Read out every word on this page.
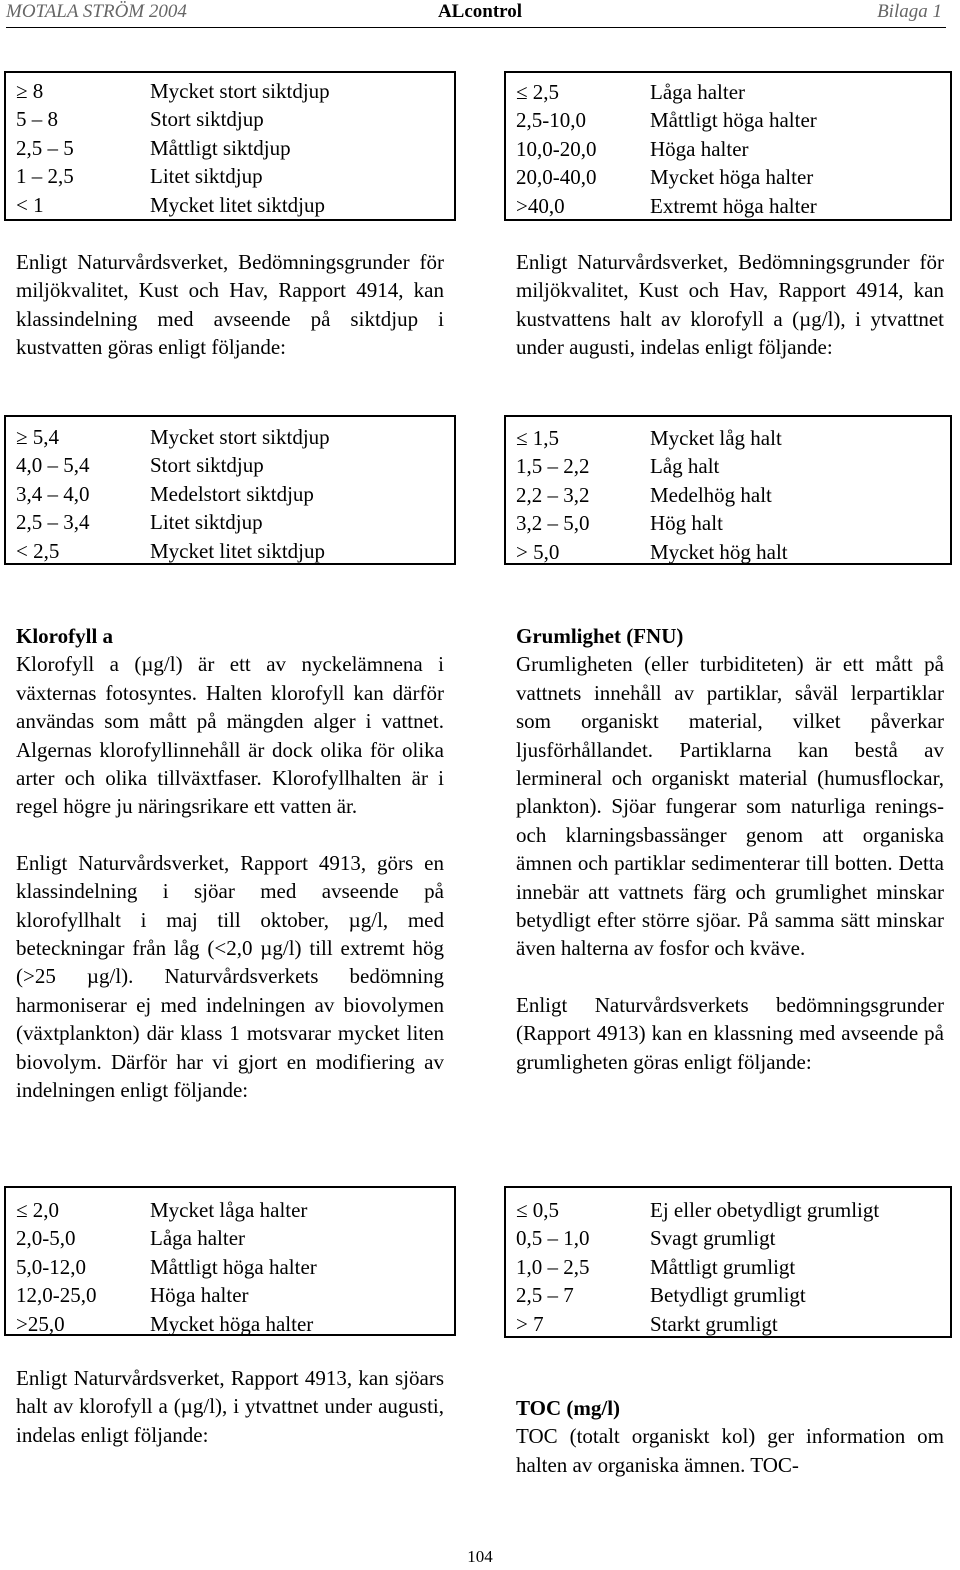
ALcontrol
MOTALA STRÖM 2004	Bilaga 1
≥ 8	Mycket stort siktdjup
5 – 8	Stort siktdjup
2,5 – 5	Måttligt siktdjup
1 – 2,5	Litet siktdjup
< 1	Mycket litet siktdjup

Enligt Naturvårdsverket, Bedömningsgrunder för miljökvalitet, Kust och Hav, Rapport 4914, kan klassindelning med avseende på siktdjup i kustvatten göras enligt följande:

≥ 5,4	Mycket stort siktdjup
4,0 – 5,4	Stort siktdjup
3,4 – 4,0	Medelstort siktdjup
2,5 – 3,4	Litet siktdjup
< 2,5	Mycket litet siktdjup

Klorofyll a

Klorofyll a (µg/l) är ett av nyckelämnena i växternas fotosyntes. Halten klorofyll kan därför användas som mått på mängden alger i vattnet. Algernas klorofyllinnehåll är dock olika för olika arter och olika tillväxtfaser. Klorofyllhalten är i regel högre ju näringsrikare ett vatten är.

Enligt Naturvårdsverket, Rapport 4913, görs en klassindelning i sjöar med avseende på klorofyllhalt i maj till oktober, µg/l, med beteckningar från låg (<2,0 µg/l) till extremt hög (>25 µg/l). Naturvårdsverkets bedömning harmoniserar ej med indelningen av biovolymen (växtplankton) där klass 1 motsvarar mycket liten biovolym. Därför har vi gjort en modifiering av indelningen enligt följande:

≤ 2,0	Mycket låga halter
2,0-5,0	Låga halter
5,0-12,0	Måttligt höga halter
12,0-25,0	Höga halter
>25,0	Mycket höga halter

Enligt Naturvårdsverket, Rapport 4913, kan sjöars halt av klorofyll a (µg/l), i ytvattnet under augusti, indelas enligt följande:

≤ 2,5	Låga halter
2,5-10,0	Måttligt höga halter
10,0-20,0	Höga halter
20,0-40,0	Mycket höga halter
>40,0	Extremt höga halter

Enligt Naturvårdsverket, Bedömningsgrunder för miljökvalitet, Kust och Hav, Rapport 4914, kan kustvattens halt av klorofyll a (µg/l), i ytvattnet under augusti, indelas enligt följande:

≤ 1,5	Mycket låg halt
1,5 – 2,2	Låg halt
2,2 – 3,2	Medelhög halt
3,2 – 5,0	Hög halt
> 5,0	Mycket hög halt

Grumlighet (FNU)

Grumligheten (eller turbiditeten) är ett mått på vattnets innehåll av partiklar, såväl lerpartiklar som organiskt material, vilket påverkar ljusförhållandet. Partiklarna kan bestå av lermineral och organiskt material (humusflockar, plankton). Sjöar fungerar som naturliga renings- och klarningsbassänger genom att organiska ämnen och partiklar sedimenterar till botten. Detta innebär att vattnets färg och grumlighet minskar betydligt efter större sjöar. På samma sätt minskar även halterna av fosfor och kväve.

Enligt Naturvårdsverkets bedömningsgrunder (Rapport 4913) kan en klassning med avseende på grumligheten göras enligt följande:

≤ 0,5	Ej eller obetydligt grumligt
0,5 – 1,0	Svagt grumligt
1,0 – 2,5	Måttligt grumligt
2,5 – 7	Betydligt grumligt
> 7	Starkt grumligt

TOC (mg/l)

TOC (totalt organiskt kol) ger information om halten av organiska ämnen. TOC-

104
